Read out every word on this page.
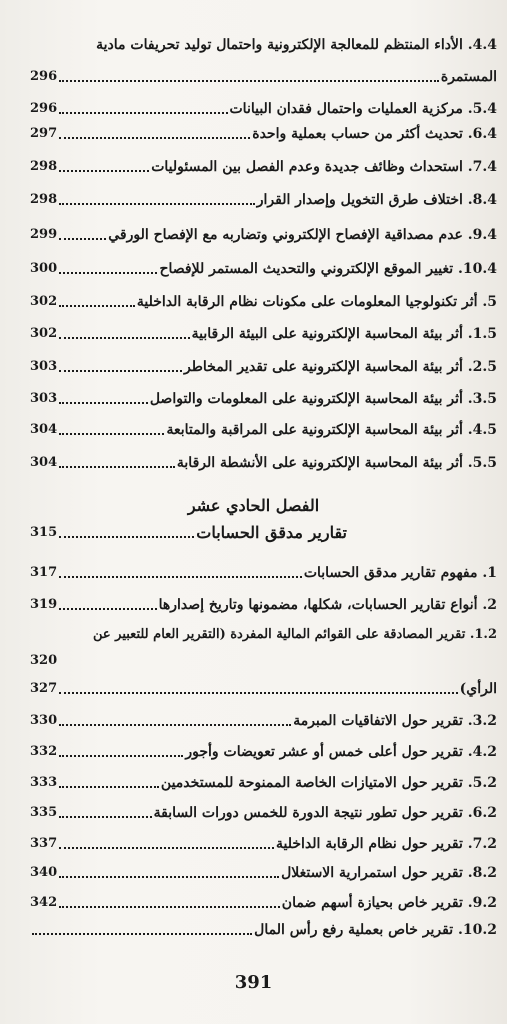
4.4. الأداء المنتظم للمعالجة الإلكترونية واحتمال توليد تحريفات مادية
المستمرة
296
5.4. مركزية العمليات واحتمال فقدان البيانات
296
6.4. تحديث أكثر من حساب بعملية واحدة
297
7.4. استحداث وظائف جديدة وعدم الفصل بين المسئوليات
298
8.4. اختلاف طرق التخويل وإصدار القرار
298
9.4. عدم مصداقية الإفصاح الإلكتروني وتضاربه مع الإفصاح الورقي
299
10.4. تغيير الموقع الإلكتروني والتحديث المستمر للإفصاح
300
5. أثر تكنولوجيا المعلومات على مكونات نظام الرقابة الداخلية
302
1.5. أثر بيئة المحاسبة الإلكترونية على البيئة الرقابية
302
2.5. أثر بيئة المحاسبة الإلكترونية على تقدير المخاطر
303
3.5. أثر بيئة المحاسبة الإلكترونية على المعلومات والتواصل
303
4.5. أثر بيئة المحاسبة الإلكترونية على المراقبة والمتابعة
304
5.5. أثر بيئة المحاسبة الإلكترونية على الأنشطة الرقابة
304
الفصل الحادي عشر
تقارير مدقق الحسابات
315
317	1. مفهوم تقارير مدقق الحسابات
2. أنواع تقارير الحسابات، شكلها، مضمونها وتاريخ إصدارها
319
1.2. تقرير المصادقة على القوائم المالية المفردة (التقرير العام للتعبير عن
320
الرأي)
327
3.2. تقرير حول الاتفاقيات المبرمة
330
4.2. تقرير حول أعلى خمس أو عشر تعويضات وأجور
332
5.2. تقرير حول الامتيازات الخاصة الممنوحة للمستخدمين
333
6.2. تقرير حول تطور نتيجة الدورة للخمس دورات السابقة
335
7.2. تقرير حول نظام الرقابة الداخلية
337
8.2. تقرير حول استمرارية الاستغلال
340
9.2. تقرير خاص بحيازة أسهم ضمان
342
10.2. تقرير خاص بعملية رفع رأس المال
391
